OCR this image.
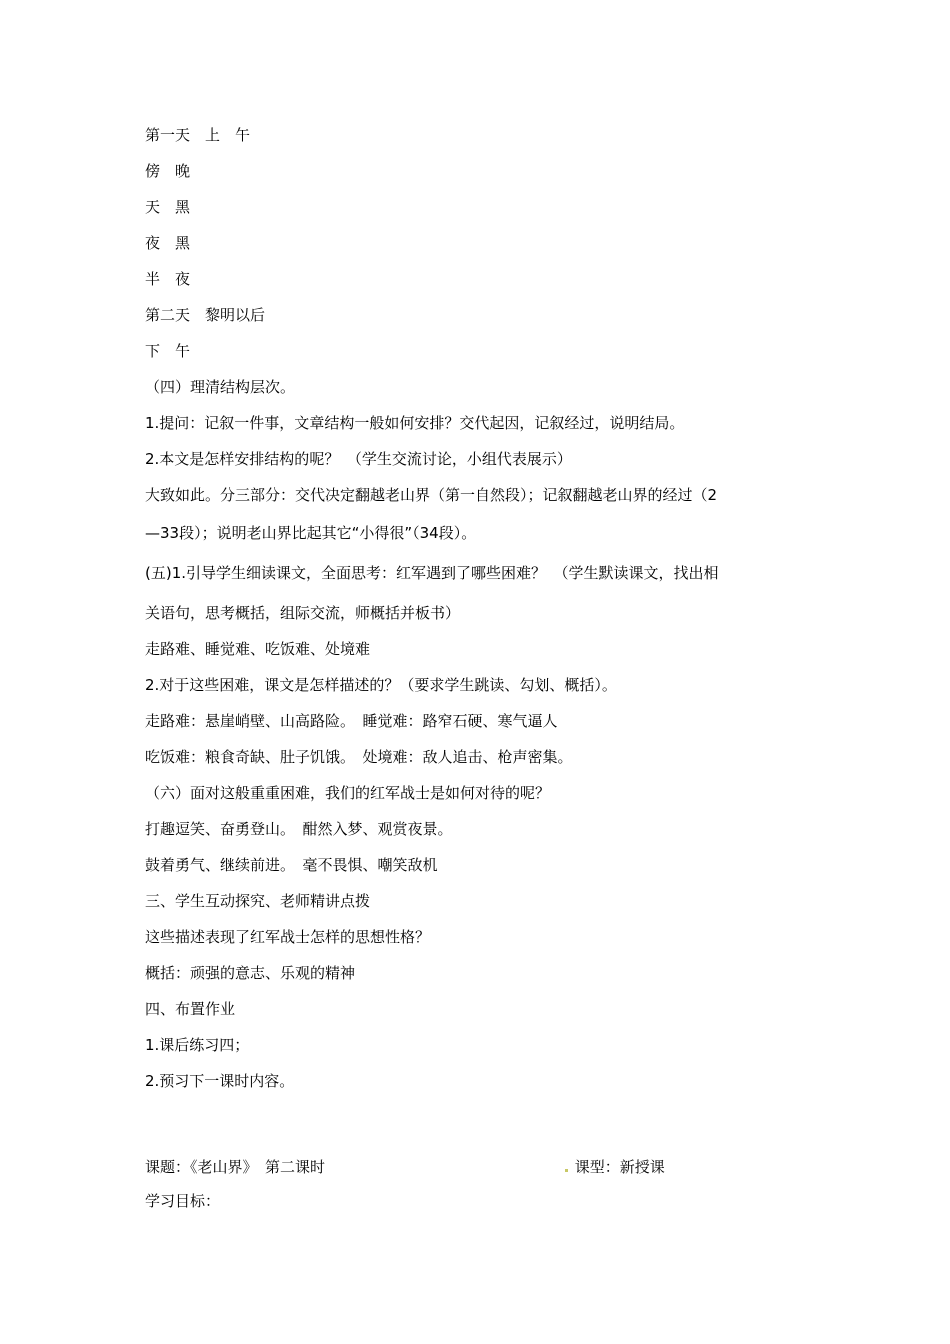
第一天　上　午
傍　晚
天　黑
夜　黑
半　夜
第二天　黎明以后
下　午
（四）理清结构层次。
1.提问：记叙一件事，文章结构一般如何安排？交代起因，记叙经过，说明结局。
2.本文是怎样安排结构的呢？　（学生交流讨论，小组代表展示）
大致如此。分三部分：交代决定翻越老山界（第一自然段）；记叙翻越老山界的经过（2
—33段）；说明老山界比起其它“小得很”（34段）。
(五)1.引导学生细读课文，全面思考：红军遇到了哪些困难？　（学生默读课文，找出相
关语句，思考概括，组际交流，师概括并板书）
走路难、睡觉难、吃饭难、处境难
2.对于这些困难，课文是怎样描述的？（要求学生跳读、勾划、概括）。
走路难：悬崖峭壁、山高路险。　睡觉难：路窄石硬、寒气逼人
吃饭难：粮食奇缺、肚子饥饿。　处境难：敌人追击、枪声密集。
（六）面对这般重重困难，我们的红军战士是如何对待的呢？
打趣逗笑、奋勇登山。　酣然入梦、观赏夜景。
鼓着勇气、继续前进。　毫不畏惧、嘲笑敌机
三、学生互动探究、老师精讲点拨
这些描述表现了红军战士怎样的思想性格？
概括：顽强的意志、乐观的精神
四、布置作业
1.课后练习四；
2.预习下一课时内容。
课题：《老山界》　第二课时	课型：新授课
学习目标：
